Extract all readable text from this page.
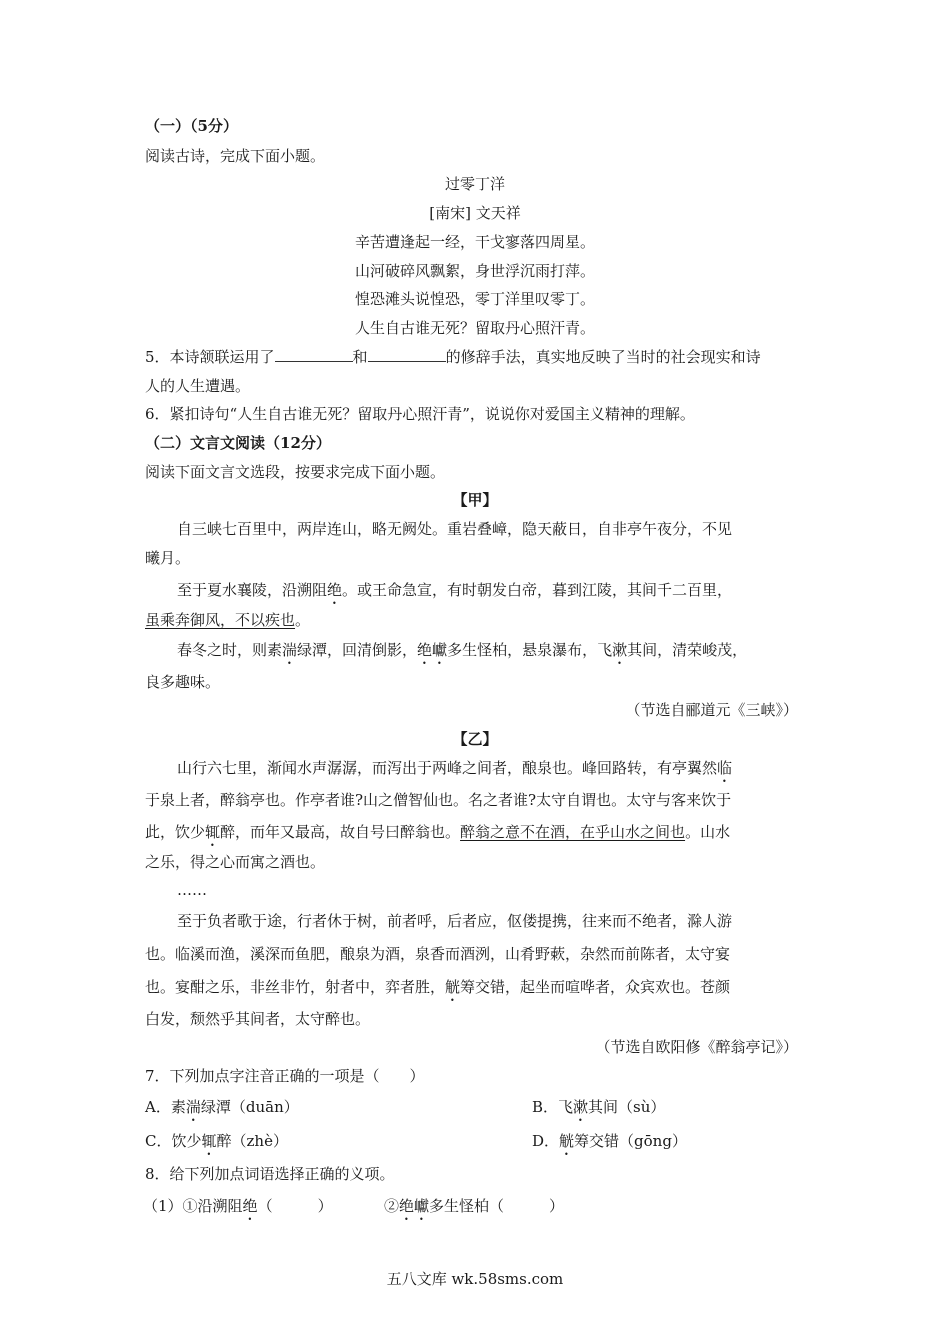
（一）（5分）
阅读古诗，完成下面小题。
过零丁洋
[南宋] 文天祥
辛苦遭逢起一经，干戈寥落四周星。
山河破碎风飘絮，身世浮沉雨打萍。
惶恐滩头说惶恐，零丁洋里叹零丁。
人生自古谁无死？留取丹心照汗青。
5．本诗颔联运用了	和	的修辞手法，真实地反映了当时的社会现实和诗
人的人生遭遇。
6．紧扣诗句“人生自古谁无死？留取丹心照汗青”，说说你对爱国主义精神的理解。
（二）文言文阅读（12分）
阅读下面文言文选段，按要求完成下面小题。
【甲】
自三峡七百里中，两岸连山，略无阙处。重岩叠嶂，隐天蔽日，自非亭午夜分，不见
曦月。
至于夏水襄陵，沿溯阻绝。或王命急宣，有时朝发白帝，暮到江陵，其间千二百里，
虽乘奔御风，不以疾也。
春冬之时，则素湍绿潭，回清倒影，绝巘多生怪柏，悬泉瀑布，飞漱其间，清荣峻茂，
良多趣味。
（节选自郦道元《三峡》）
【乙】
山行六七里，渐闻水声潺潺，而泻出于两峰之间者，酿泉也。峰回路转，有亭翼然临
于泉上者，醉翁亭也。作亭者谁?山之僧智仙也。名之者谁?太守自谓也。太守与客来饮于
此，饮少辄醉，而年又最高，故自号曰醉翁也。醉翁之意不在酒，在乎山水之间也。山水
之乐，得之心而寓之酒也。
……
至于负者歌于途，行者休于树，前者呼，后者应，伛偻提携，往来而不绝者，滁人游
也。临溪而渔，溪深而鱼肥，酿泉为酒，泉香而酒洌，山肴野蔌，杂然而前陈者，太守宴
也。宴酣之乐，非丝非竹，射者中，弈者胜，觥筹交错，起坐而喧哗者，众宾欢也。苍颜
白发，颓然乎其间者，太守醉也。
（节选自欧阳修《醉翁亭记》）
7．下列加点字注音正确的一项是（　　）
A．素湍绿潭（duān）	B．飞漱其间（sù）
C．饮少辄醉（zhè）	D．觥筹交错（gōng）
8．给下列加点词语选择正确的义项。
（1）①沿溯阻绝（　　　）	②绝巘多生怪柏（　　　）
五八文库 wk.58sms.com
